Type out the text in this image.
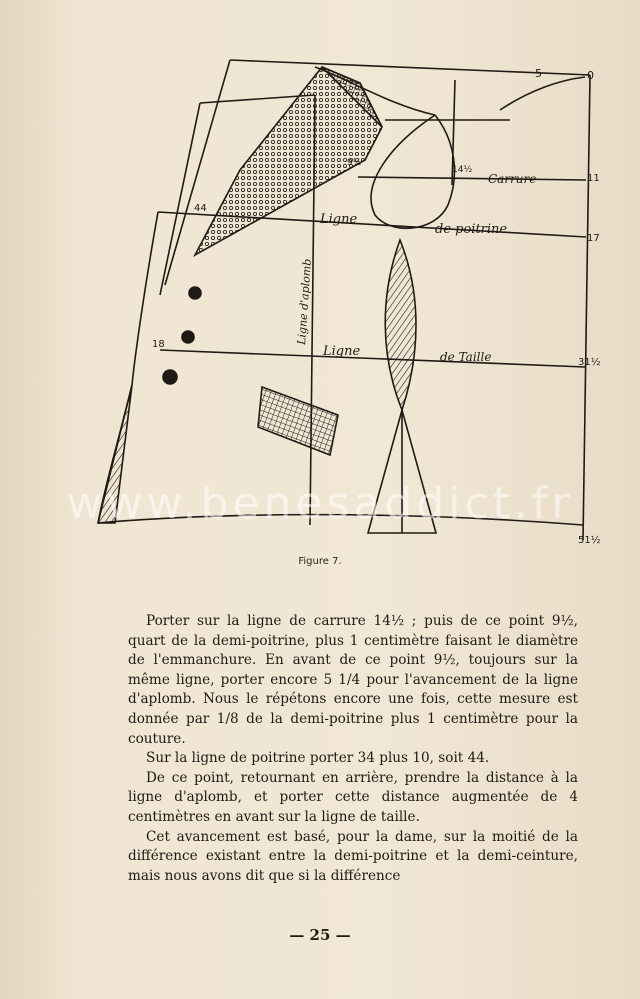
Ligne
de poitrine
Carrure
Ligne	de Taille
Ligne d'aplomb
5	0
9½
14½
11
44
17
18
31½
51½
www.benesaddict.fr
Figure 7.

Porter sur la ligne de carrure 14½ ; puis de ce point 9½, quart de la demi-poitrine, plus 1 centimètre faisant le diamètre de l'emmanchure. En avant de ce point 9½, toujours sur la même ligne, porter encore 5 1/4 pour l'avancement de la ligne d'aplomb. Nous le répétons encore une fois, cette mesure est donnée par 1/8 de la demi-poitrine plus 1 centimètre pour la couture.

Sur la ligne de poitrine porter 34 plus 10, soit 44.

De ce point, retournant en arrière, prendre la distance à la ligne d'aplomb, et porter cette distance augmentée de 4 centimètres en avant sur la ligne de taille.

Cet avancement est basé, pour la dame, sur la moitié de la différence existant entre la demi-poitrine et la demi-ceinture, mais nous avons dit que si la différence

— 25 —
